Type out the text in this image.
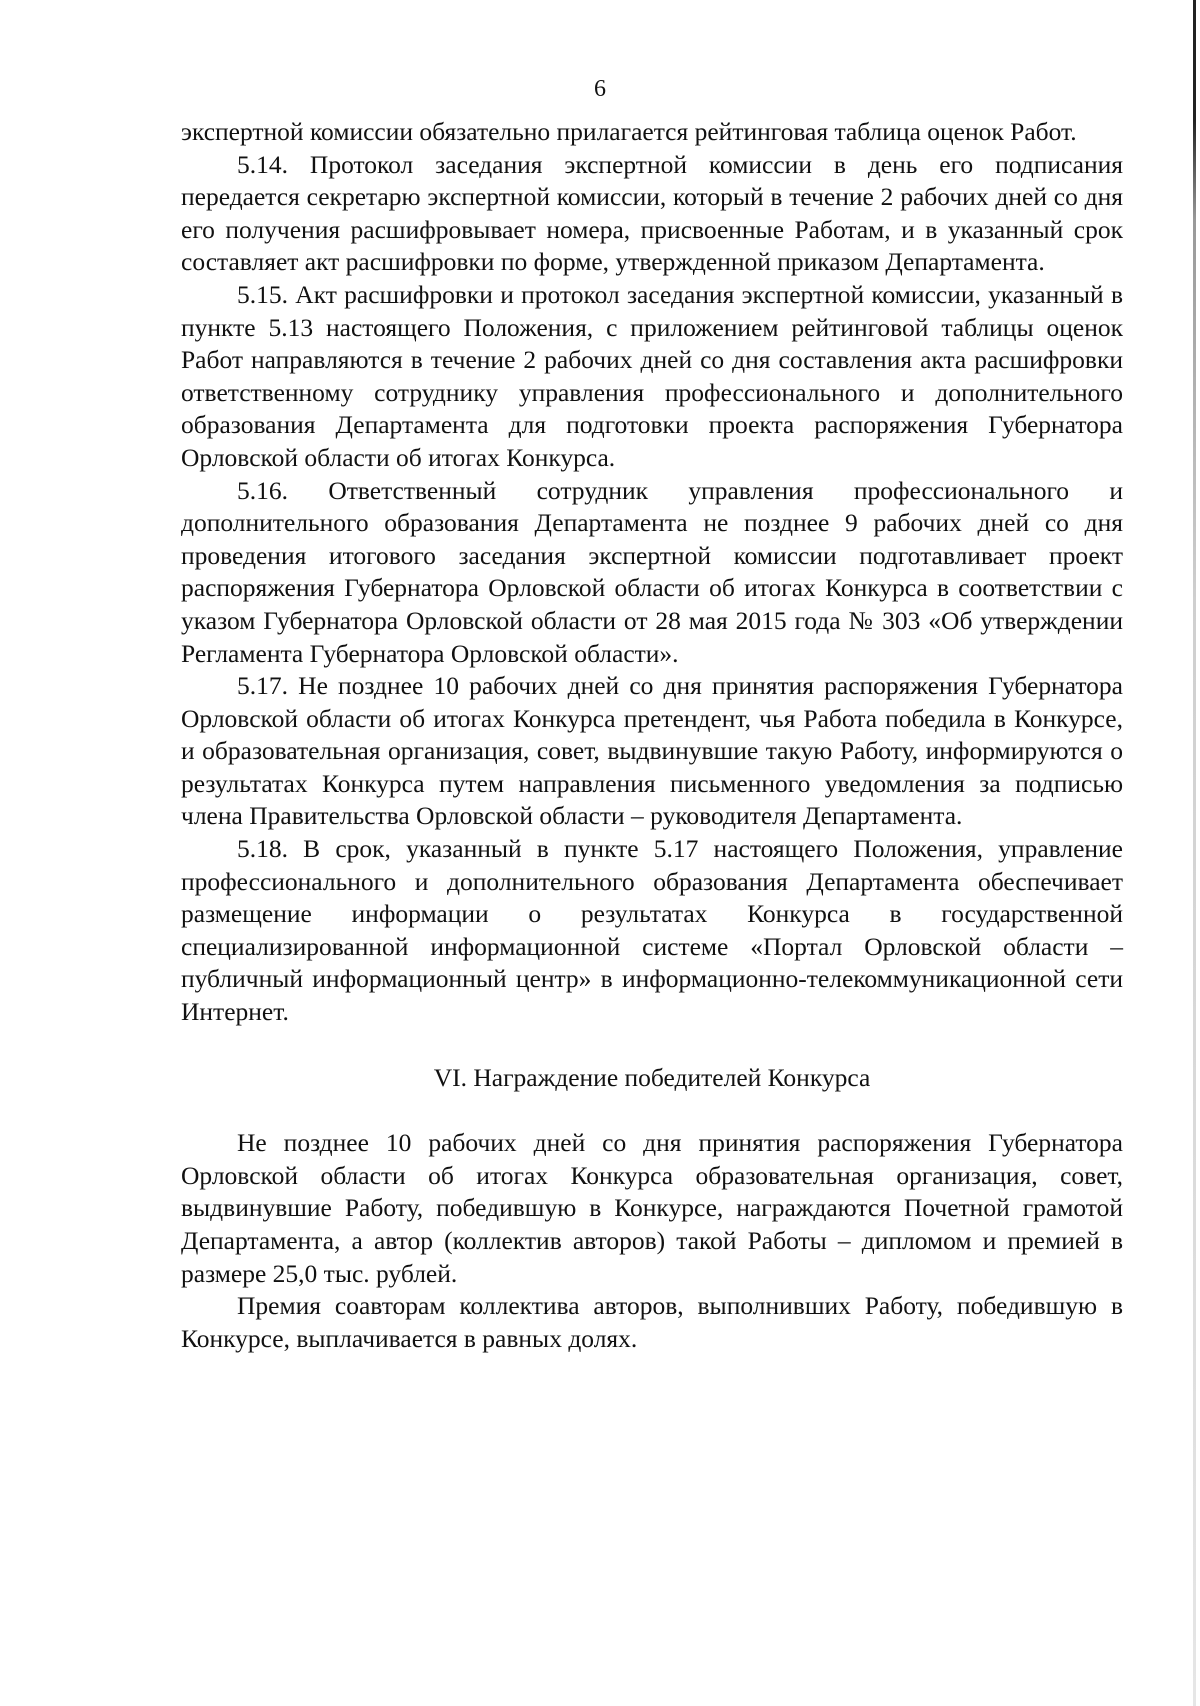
6

экспертной комиссии обязательно прилагается рейтинговая таблица оценок Работ.

5.14. Протокол заседания экспертной комиссии в день его подписания передается секретарю экспертной комиссии, который в течение 2 рабочих дней со дня его получения расшифровывает номера, присвоенные Работам, и в указанный срок составляет акт расшифровки по форме, утвержденной приказом Департамента.

5.15. Акт расшифровки и протокол заседания экспертной комиссии, указанный в пункте 5.13 настоящего Положения, с приложением рейтинговой таблицы оценок Работ направляются в течение 2 рабочих дней со дня составления акта расшифровки ответственному сотруднику управления профессионального и дополнительного образования Департамента для подготовки проекта распоряжения Губернатора Орловской области об итогах Конкурса.

5.16. Ответственный сотрудник управления профессионального и дополнительного образования Департамента не позднее 9 рабочих дней со дня проведения итогового заседания экспертной комиссии подготавливает проект распоряжения Губернатора Орловской области об итогах Конкурса в соответствии с указом Губернатора Орловской области от 28 мая 2015 года № 303 «Об утверждении Регламента Губернатора Орловской области».

5.17. Не позднее 10 рабочих дней со дня принятия распоряжения Губернатора Орловской области об итогах Конкурса претендент, чья Работа победила в Конкурсе, и образовательная организация, совет, выдвинувшие такую Работу, информируются о результатах Конкурса путем направления письменного уведомления за подписью члена Правительства Орловской области – руководителя Департамента.

5.18. В срок, указанный в пункте 5.17 настоящего Положения, управление профессионального и дополнительного образования Департамента обеспечивает размещение информации о результатах Конкурса в государственной специализированной информационной системе «Портал Орловской области – публичный информационный центр» в информационно-телекоммуникационной сети Интернет.

VI. Награждение победителей Конкурса

Не позднее 10 рабочих дней со дня принятия распоряжения Губернатора Орловской области об итогах Конкурса образовательная организация, совет, выдвинувшие Работу, победившую в Конкурсе, награждаются Почетной грамотой Департамента, а автор (коллектив авторов) такой Работы – дипломом и премией в размере 25,0 тыс. рублей.

Премия соавторам коллектива авторов, выполнивших Работу, победившую в Конкурсе, выплачивается в равных долях.
